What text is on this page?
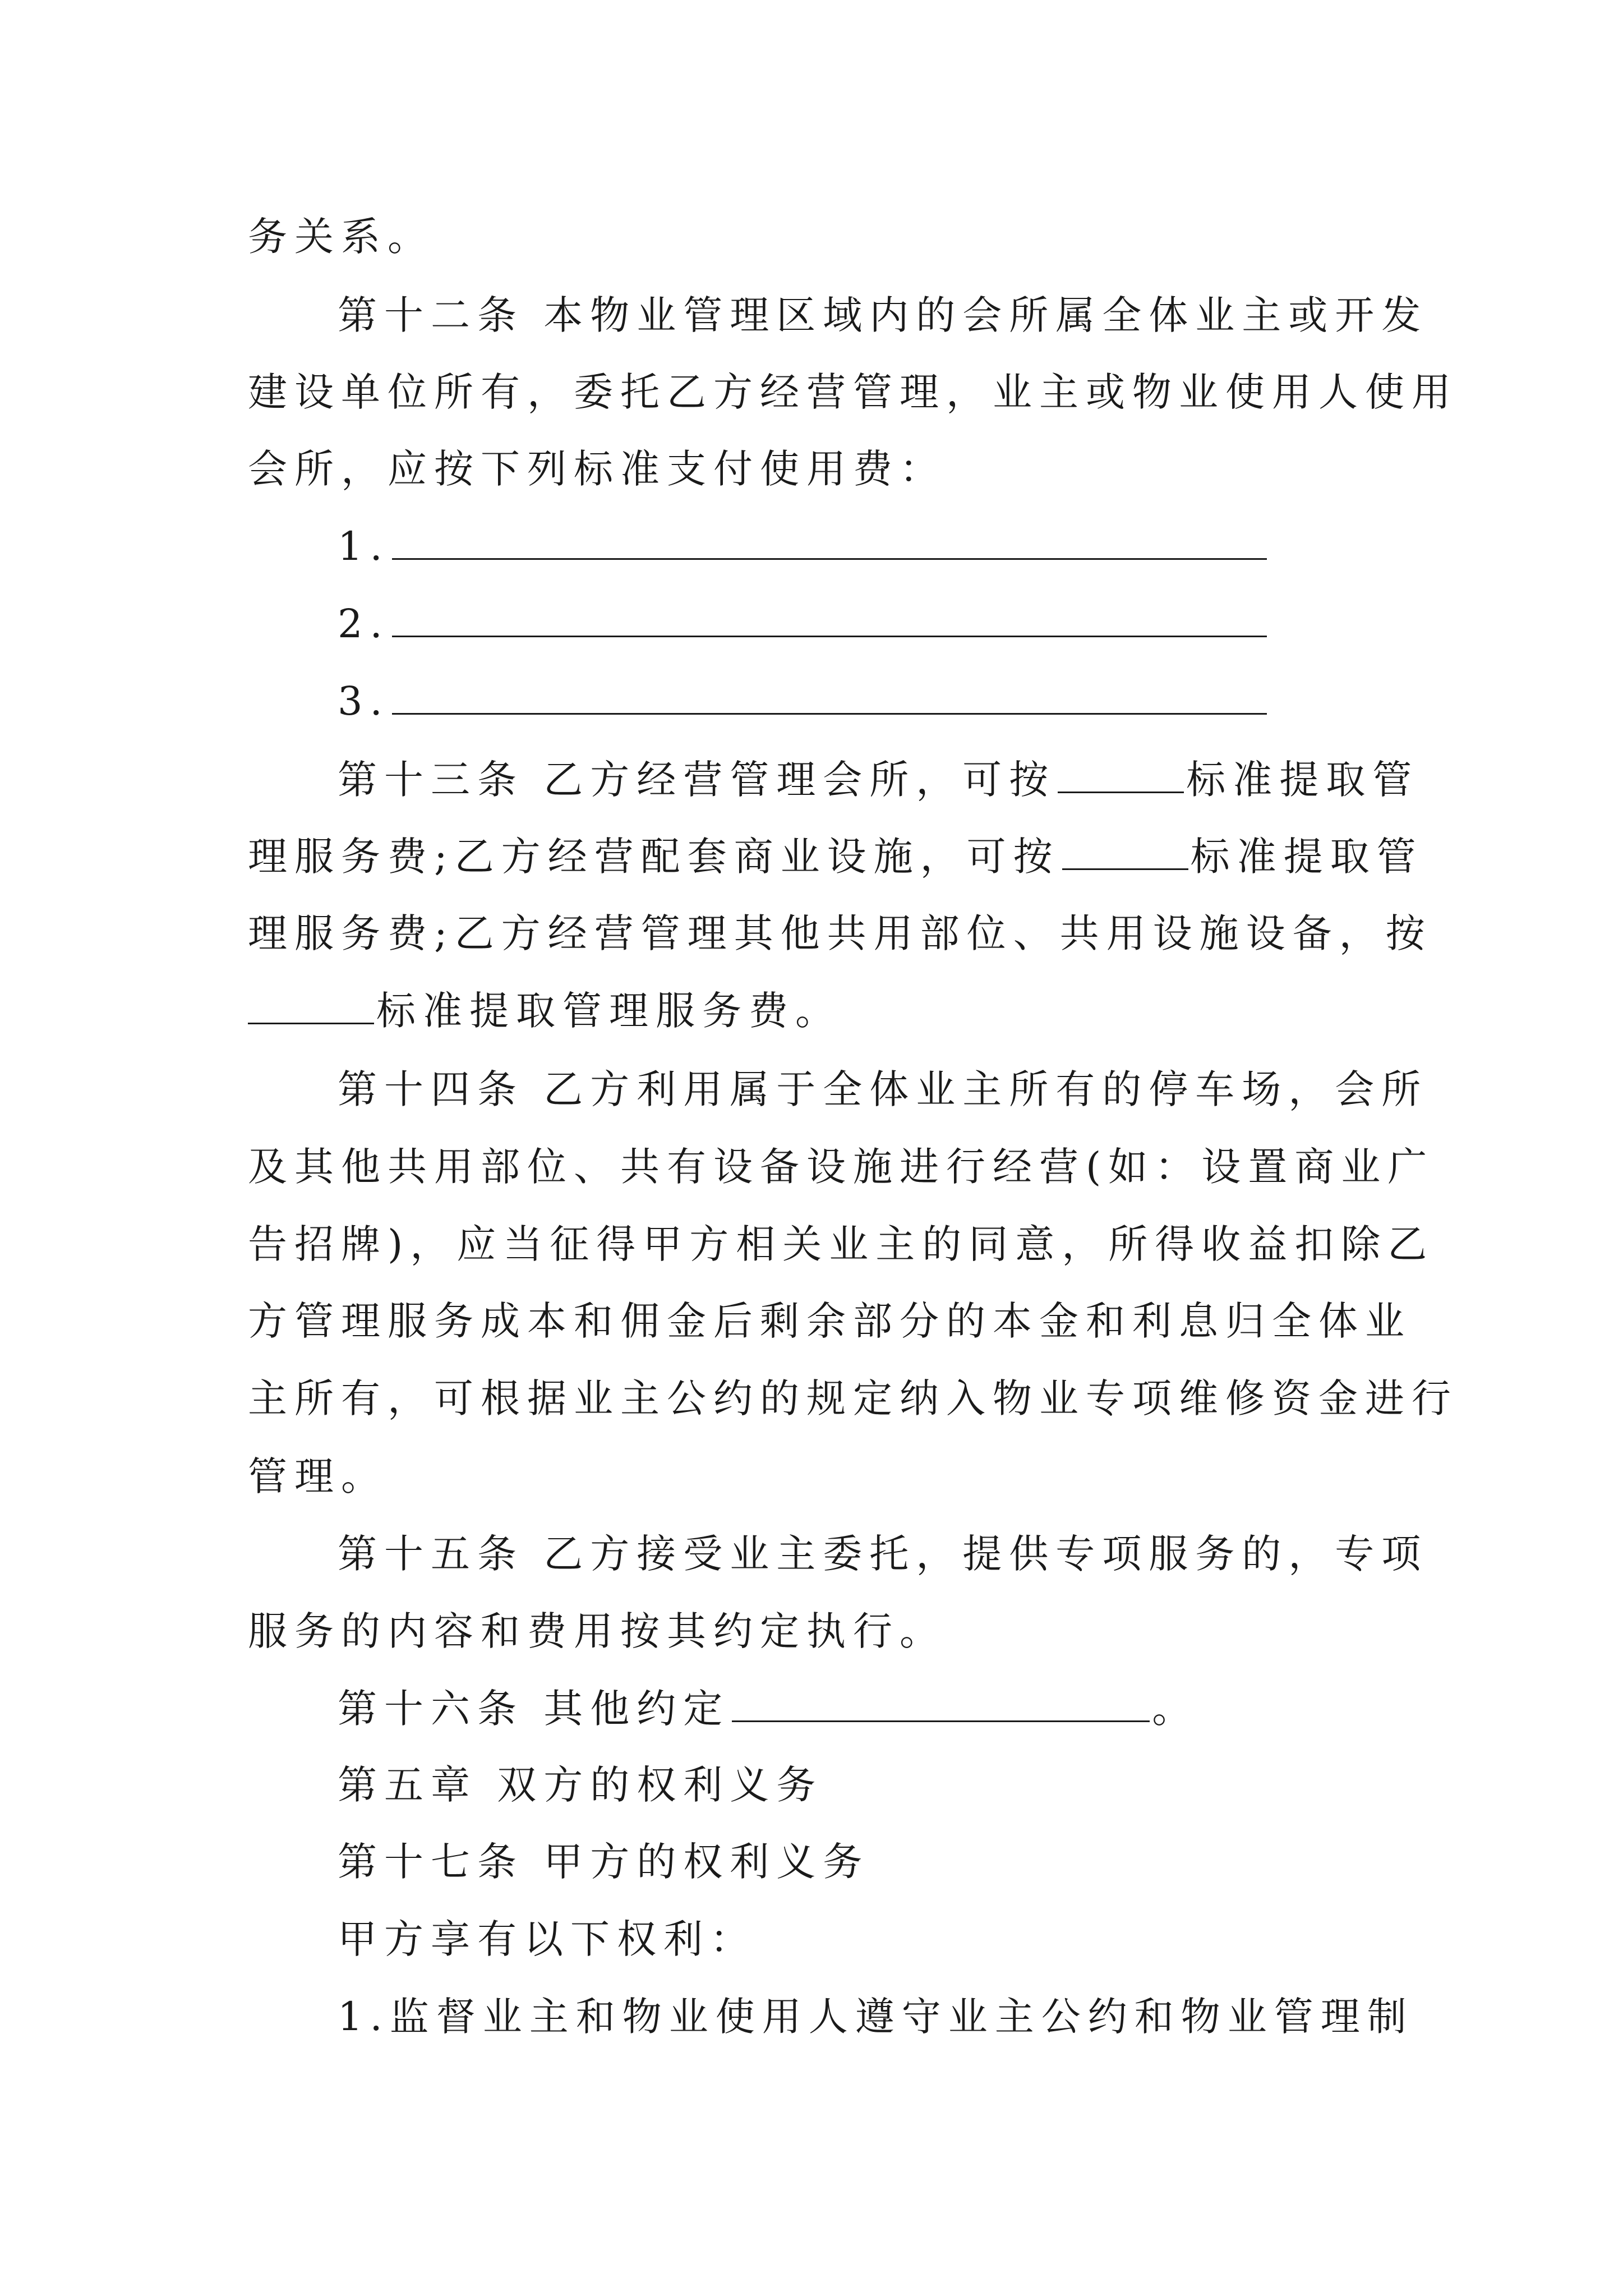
务关系。
第十二条 本物业管理区域内的会所属全体业主或开发
建设单位所有，委托乙方经营管理，业主或物业使用人使用
会所，应按下列标准支付使用费：
1.
2.
3.
第十三条 乙方经营管理会所，可按	标准提取管
理服务费;乙方经营配套商业设施，可按	标准提取管
理服务费;乙方经营管理其他共用部位、共用设施设备，按
标准提取管理服务费。
第十四条 乙方利用属于全体业主所有的停车场，会所
及其他共用部位、共有设备设施进行经营(如：设置商业广
告招牌)，应当征得甲方相关业主的同意，所得收益扣除乙
方管理服务成本和佣金后剩余部分的本金和利息归全体业
主所有，可根据业主公约的规定纳入物业专项维修资金进行
管理。
第十五条 乙方接受业主委托，提供专项服务的，专项
服务的内容和费用按其约定执行。
第十六条 其他约定	。
第五章 双方的权利义务
第十七条 甲方的权利义务
甲方享有以下权利：
1.监督业主和物业使用人遵守业主公约和物业管理制
